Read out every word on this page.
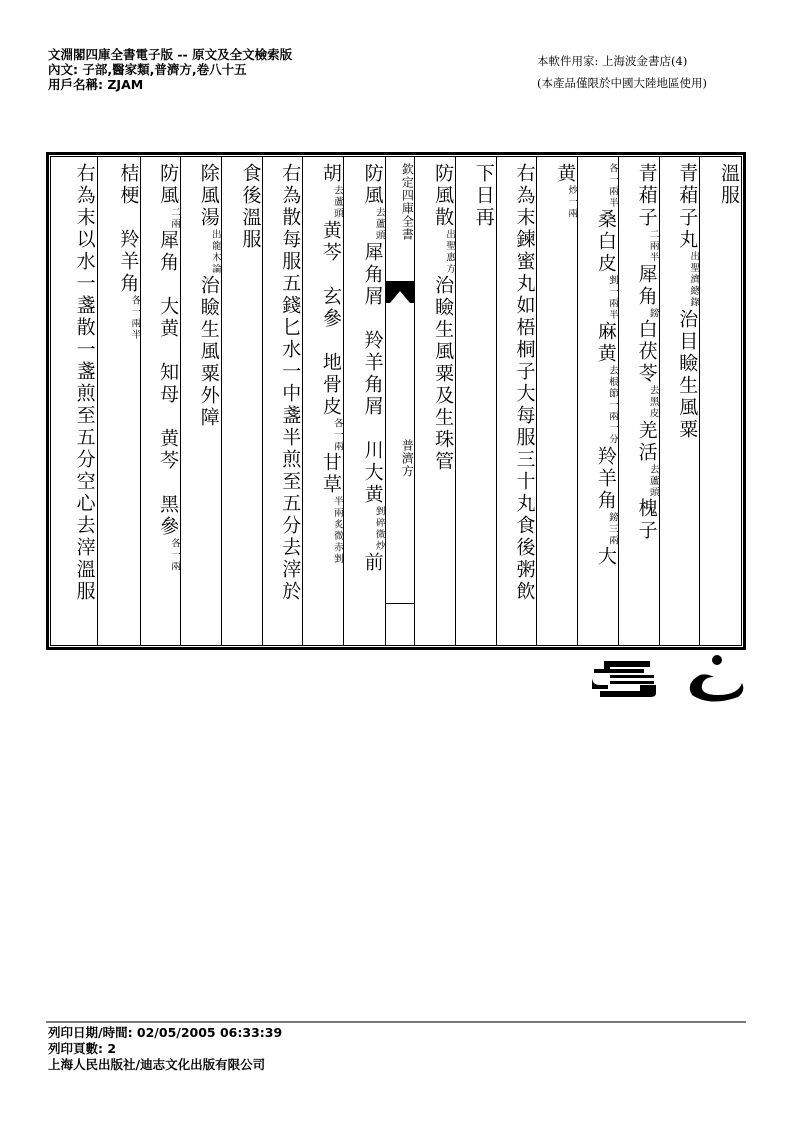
文淵閣四庫全書電子版 -- 原文及全文檢索版
內文: 子部,醫家類,普濟方,卷八十五
用戶名稱: ZJAM
本軟件用家: 上海波金書店(4)
(本產品僅限於中國大陸地區使用)
溫服
青葙子丸
出聖濟總錄
治目瞼生風粟
青葙子
二兩半
犀角
鎊
白茯苓
去黑皮
羌活
去蘆頭
槐子
各一兩半
桑白皮
剉一兩半
麻黄
去根節一兩一分
羚羊角
鎊三兩
大
黄
炒一兩
右為末鍊蜜丸如梧桐子大每服三十丸食後粥飲
下日再
防風散
出聖惠方
治瞼生風粟及生珠管
欽定四庫全書
普濟方
防風
去蘆頭
犀角屑　羚羊角屑　川大黄
剉碎微炒
前
胡
去蘆頭
黄芩　玄參　地骨皮
各一兩
甘草
半兩炙微赤剉
右為散每服五錢匕水一中盞半煎至五分去滓於
食後溫服
除風湯
出龍木論
治瞼生風粟外障
防風
二兩
犀角　大黄　知母　黄芩　黑參
各一兩
桔梗　羚羊角
各一兩半
右為末以水一盞散一盞煎至五分空心去滓溫服
列印日期/時間: 02/05/2005 06:33:39
列印頁數: 2
上海人民出版社/迪志文化出版有限公司
